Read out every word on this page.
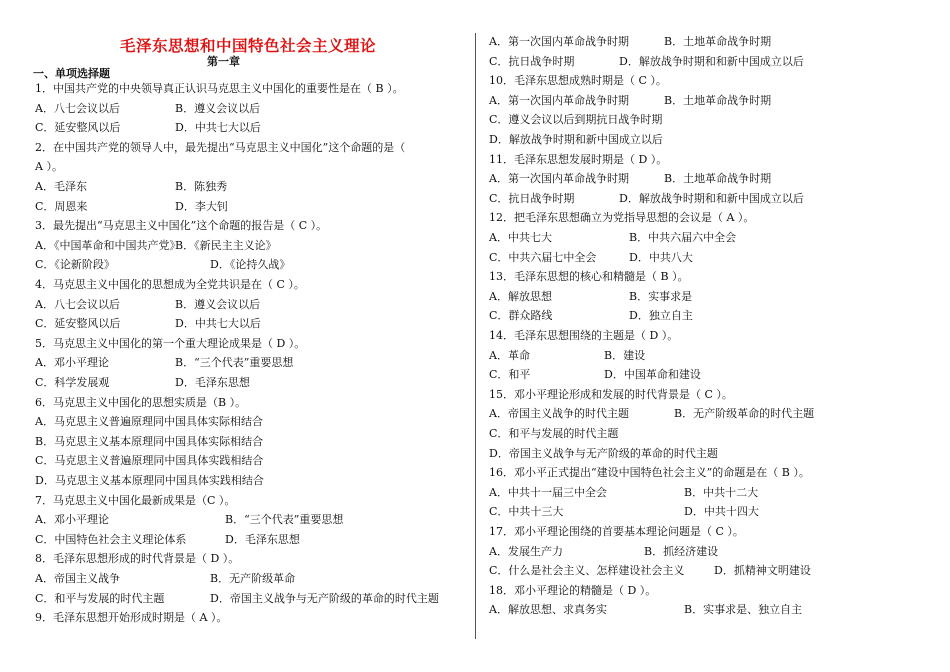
毛泽东思想和中国特色社会主义理论
第一章
一、单项选择题
1．中国共产党的中央领导真正认识马克思主义中国化的重要性是在（ B ）。
A．八七会议以后	B．遵义会议以后
C．延安整风以后	D．中共七大以后
2．在中国共产党的领导人中，最先提出“马克思主义中国化”这个命题的是（
A ）。
A．毛泽东	B．陈独秀
C．周恩来	D．李大钊
3．最先提出“马克思主义中国化”这个命题的报告是（ C ）。
A．《中国革命和中国共产党》
B．《新民主主义论》
C．《论新阶段》	D．《论持久战》
4．马克思主义中国化的思想成为全党共识是在（ C ）。
A．八七会议以后	B．遵义会议以后
C．延安整风以后	D．中共七大以后
5．马克思主义中国化的第一个重大理论成果是（ D ）。
A．邓小平理论	B．“三个代表”重要思想
C．科学发展观	D．毛泽东思想
6．马克思主义中国化的思想实质是（B ）。
A．马克思主义普遍原理同中国具体实际相结合
B．马克思主义基本原理同中国具体实际相结合
C．马克思主义普遍原理同中国具体实践相结合
D．马克思主义基本原理同中国具体实践相结合
7．马克思主义中国化最新成果是（C ）。
A．邓小平理论	B．“三个代表”重要思想
C．中国特色社会主义理论体系	D．毛泽东思想
8．毛泽东思想形成的时代背景是（ D ）。
A．帝国主义战争	B．无产阶级革命
C．和平与发展的时代主题	D．帝国主义战争与无产阶级的革命的时代主题
9．毛泽东思想开始形成时期是（ A ）。
A．第一次国内革命战争时期	B．土地革命战争时期
C．抗日战争时期	D．解放战争时期和和新中国成立以后
10．毛泽东思想成熟时期是（ C ）。
A．第一次国内革命战争时期	B．土地革命战争时期
C．遵义会议以后到期抗日战争时期
D．解放战争时期和新中国成立以后
11．毛泽东思想发展时期是（ D ）。
A．第一次国内革命战争时期	B．土地革命战争时期
C．抗日战争时期	D．解放战争时期和和新中国成立以后
12．把毛泽东思想确立为党指导思想的会议是（ A ）。
A．中共七大	B．中共六届六中全会
C．中共六届七中全会	D．中共八大
13．毛泽东思想的核心和精髓是（ B ）。
A．解放思想	B．实事求是
C．群众路线	D．独立自主
14．毛泽东思想围绕的主题是（ D ）。
A．革命	B．建设
C．和平	D．中国革命和建设
15．邓小平理论形成和发展的时代背景是（ C ）。
A．帝国主义战争的时代主题	B．无产阶级革命的时代主题
C．和平与发展的时代主题
D．帝国主义战争与无产阶级的革命的时代主题
16．邓小平正式提出“建设中国特色社会主义”的命题是在（ B ）。
A．中共十一届三中全会	B．中共十二大
C．中共十三大	D．中共十四大
17．邓小平理论围绕的首要基本理论问题是（ C ）。
A．发展生产力	B．抓经济建设
C．什么是社会主义、怎样建设社会主义	D．抓精神文明建设
18．邓小平理论的精髓是（ D ）。
A．解放思想、求真务实	B．实事求是、独立自主
